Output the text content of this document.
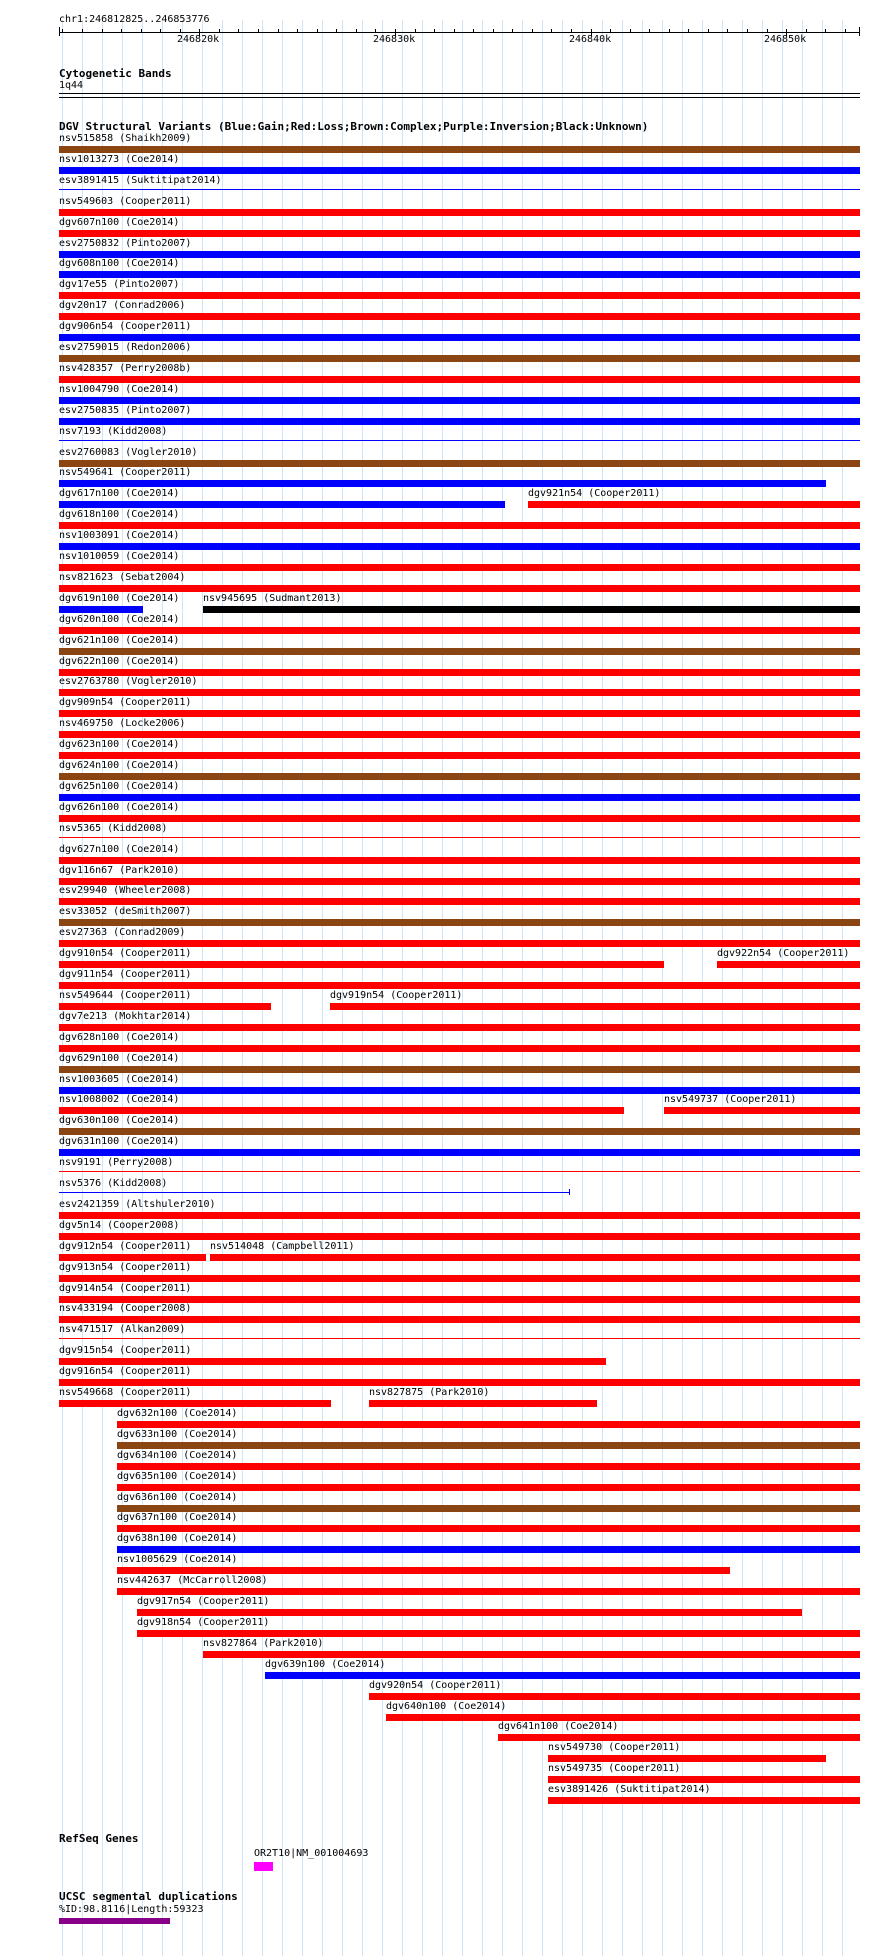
chr1:246812825..246853776
246820k	246830k	246840k	246850k
Cytogenetic Bands
1q44
DGV Structural Variants (Blue:Gain;Red:Loss;Brown:Complex;Purple:Inversion;Black:Unknown)
nsv515858 (Shaikh2009)
nsv1013273 (Coe2014)
esv3891415 (Suktitipat2014)
nsv549603 (Cooper2011)
dgv607n100 (Coe2014)
esv2750832 (Pinto2007)
dgv608n100 (Coe2014)
dgv17e55 (Pinto2007)
dgv20n17 (Conrad2006)
dgv906n54 (Cooper2011)
esv2759015 (Redon2006)
nsv428357 (Perry2008b)
nsv1004790 (Coe2014)
esv2750835 (Pinto2007)
nsv7193 (Kidd2008)
esv2760083 (Vogler2010)
nsv549641 (Cooper2011)
dgv617n100 (Coe2014)	dgv921n54 (Cooper2011)
dgv618n100 (Coe2014)
nsv1003091 (Coe2014)
nsv1010059 (Coe2014)
nsv821623 (Sebat2004)
dgv619n100 (Coe2014) nsv945695 (Sudmant2013)
dgv620n100 (Coe2014)
dgv621n100 (Coe2014)
dgv622n100 (Coe2014)
esv2763780 (Vogler2010)
dgv909n54 (Cooper2011)
nsv469750 (Locke2006)
dgv623n100 (Coe2014)
dgv624n100 (Coe2014)
dgv625n100 (Coe2014)
dgv626n100 (Coe2014)
nsv5365 (Kidd2008)
dgv627n100 (Coe2014)
dgv116n67 (Park2010)
esv29940 (Wheeler2008)
esv33052 (deSmith2007)
esv27363 (Conrad2009)
dgv910n54 (Cooper2011)	dgv922n54 (Cooper2011)
dgv911n54 (Cooper2011)
nsv549644 (Cooper2011)	dgv919n54 (Cooper2011)
dgv7e213 (Mokhtar2014)
dgv628n100 (Coe2014)
dgv629n100 (Coe2014)
nsv1003605 (Coe2014)
nsv1008002 (Coe2014)	nsv549737 (Cooper2011)
dgv630n100 (Coe2014)
dgv631n100 (Coe2014)
nsv9191 (Perry2008)
nsv5376 (Kidd2008)
esv2421359 (Altshuler2010)
dgv5n14 (Cooper2008)
dgv912n54 (Cooper2011) nsv514048 (Campbell2011)
dgv913n54 (Cooper2011)
dgv914n54 (Cooper2011)
nsv433194 (Cooper2008)
nsv471517 (Alkan2009)
dgv915n54 (Cooper2011)
dgv916n54 (Cooper2011)
nsv549668 (Cooper2011)	nsv827875 (Park2010)
dgv632n100 (Coe2014)
dgv633n100 (Coe2014)
dgv634n100 (Coe2014)
dgv635n100 (Coe2014)
dgv636n100 (Coe2014)
dgv637n100 (Coe2014)
dgv638n100 (Coe2014)
nsv1005629 (Coe2014)
nsv442637 (McCarroll2008)
dgv917n54 (Cooper2011)
dgv918n54 (Cooper2011)
nsv827864 (Park2010)
dgv639n100 (Coe2014)
dgv920n54 (Cooper2011)
dgv640n100 (Coe2014)
dgv641n100 (Coe2014)
nsv549730 (Cooper2011)
nsv549735 (Cooper2011)
esv3891426 (Suktitipat2014)
RefSeq Genes
OR2T10|NM_001004693
UCSC segmental duplications
%ID:98.8116|Length:59323
